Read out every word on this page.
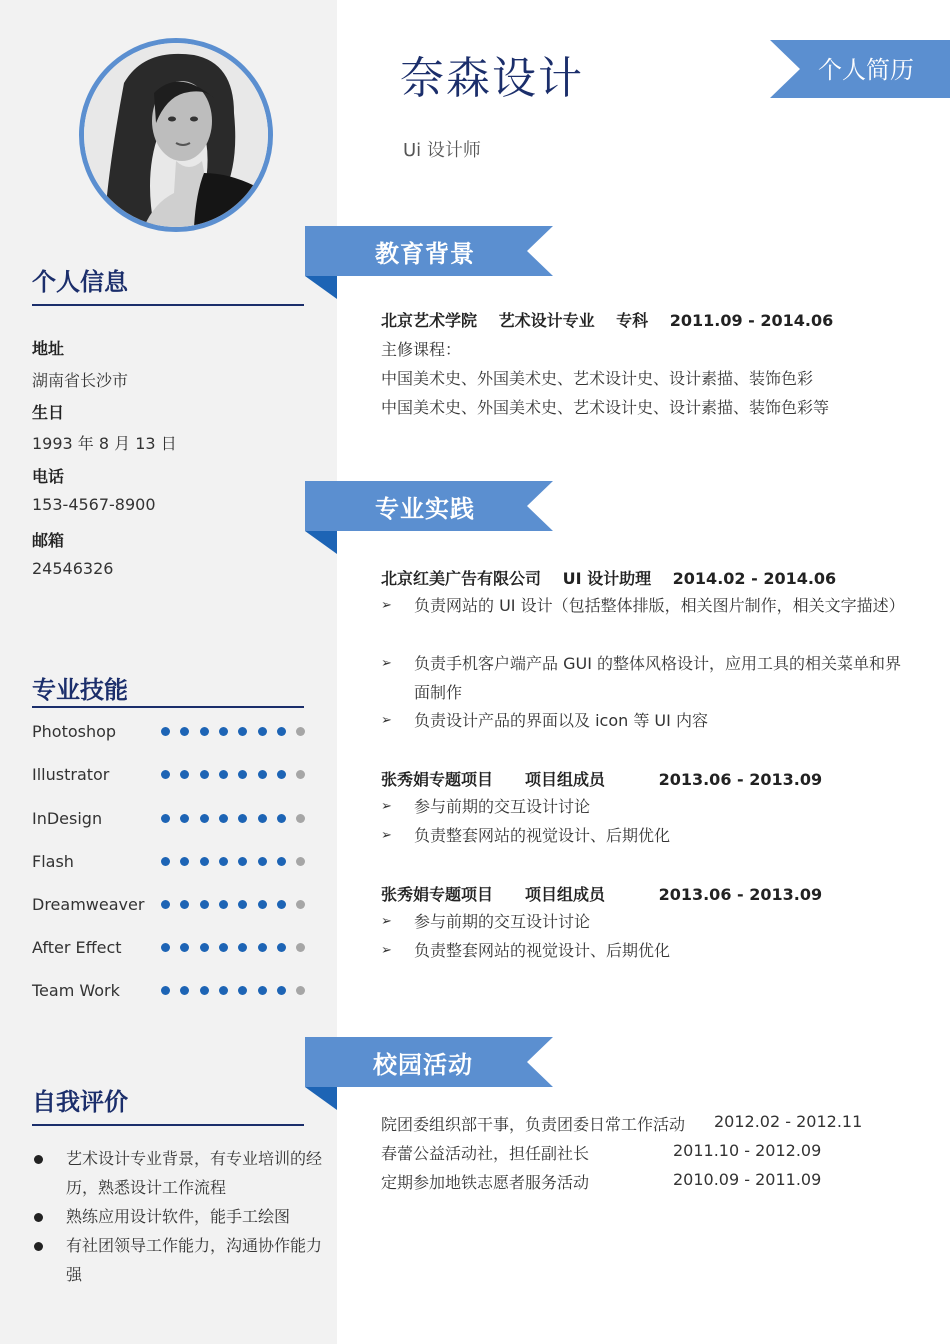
奈森设计
Ui 设计师
个人简历
个人信息
地址
湖南省长沙市
生日
1993 年 8 月 13 日
电话
153-4567-8900
邮箱
24546326
专业技能
Photoshop
Illustrator
InDesign
Flash
Dreamweaver
After Effect
Team Work
自我评价
艺术设计专业背景，有专业培训的经历，熟悉设计工作流程
熟练应用设计软件，能手工绘图
有社团领导工作能力，沟通协作能力强
教育背景
北京艺术学院　 艺术设计专业　 专科　 2011.09 - 2014.06
主修课程：
中国美术史、外国美术史、艺术设计史、设计素描、装饰色彩
中国美术史、外国美术史、艺术设计史、设计素描、装饰色彩等
专业实践
北京红美广告有限公司　 UI 设计助理　 2014.02 - 2014.06
➢ 负责网站的 UI 设计（包括整体排版，相关图片制作，相关文字描述）
➢ 负责手机客户端产品 GUI 的整体风格设计，应用工具的相关菜单和界面制作
➢ 负责设计产品的界面以及 icon 等 UI 内容
张秀娟专题项目　　项目组成员　　　 2013.06 - 2013.09
➢ 参与前期的交互设计讨论
➢ 负责整套网站的视觉设计、后期优化
张秀娟专题项目　　项目组成员　　　 2013.06 - 2013.09
➢ 参与前期的交互设计讨论
➢ 负责整套网站的视觉设计、后期优化
校园活动
院团委组织部干事，负责团委日常工作活动 2012.02 - 2012.11
春蕾公益活动社，担任副社长	2011.10 - 2012.09
定期参加地铁志愿者服务活动	2010.09 - 2011.09
